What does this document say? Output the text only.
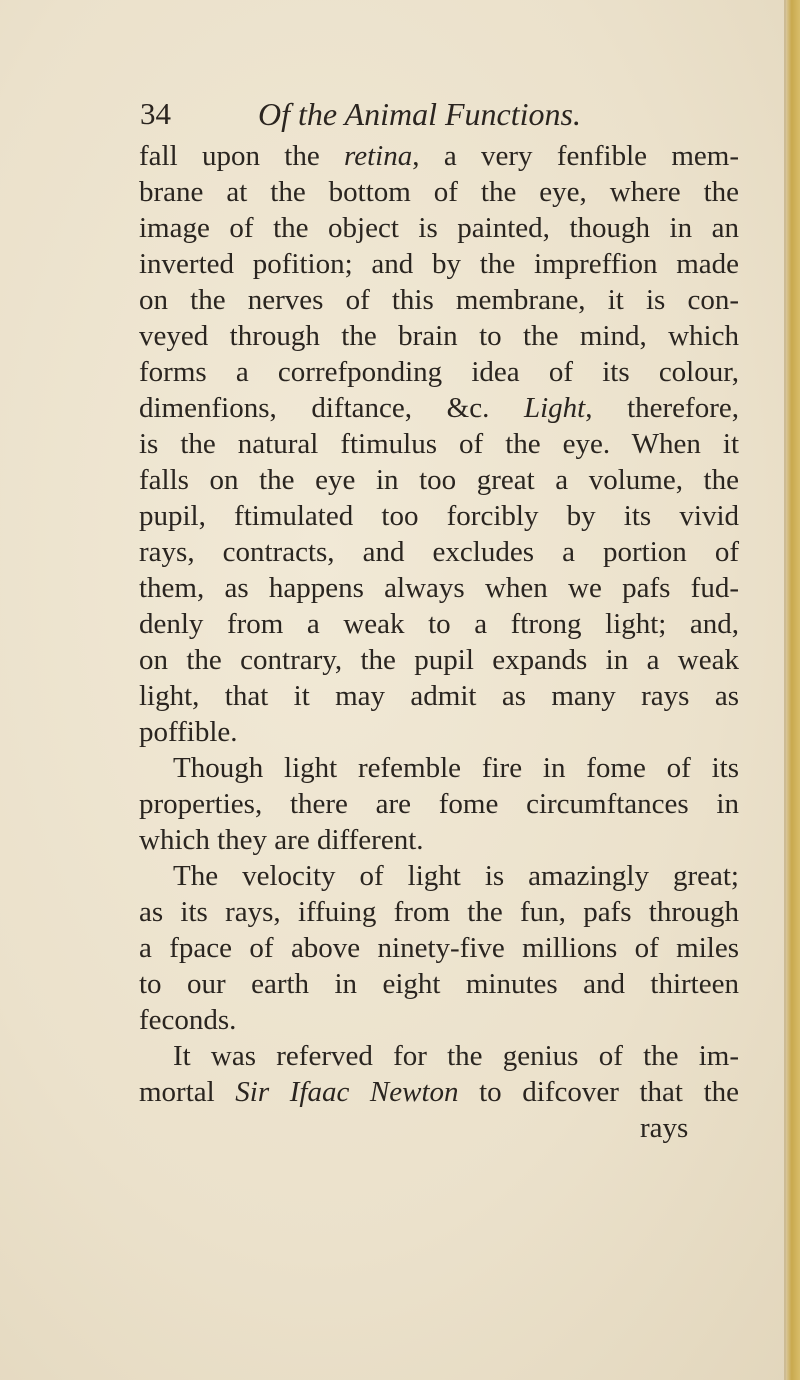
34	Of the Animal Functions.
fall upon the retina, a very fenfible mem-
brane at the bottom of the eye, where the
image of the object is painted, though in an
inverted pofition; and by the impreffion made
on the nerves of this membrane, it is con-
veyed through the brain to the mind, which
forms a correfponding idea of its colour,
dimenfions, diftance, &c. Light, therefore,
is the natural ftimulus of the eye. When it
falls on the eye in too great a volume, the
pupil, ftimulated too forcibly by its vivid
rays, contracts, and excludes a portion of
them, as happens always when we pafs fud-
denly from a weak to a ftrong light; and,
on the contrary, the pupil expands in a weak
light, that it may admit as many rays as
poffible.
Though light refemble fire in fome of its
properties, there are fome circumftances in
which they are different.
The velocity of light is amazingly great;
as its rays, iffuing from the fun, pafs through
a fpace of above ninety-five millions of miles
to our earth in eight minutes and thirteen
feconds.
It was referved for the genius of the im-
mortal Sir Ifaac Newton to difcover that the
rays
